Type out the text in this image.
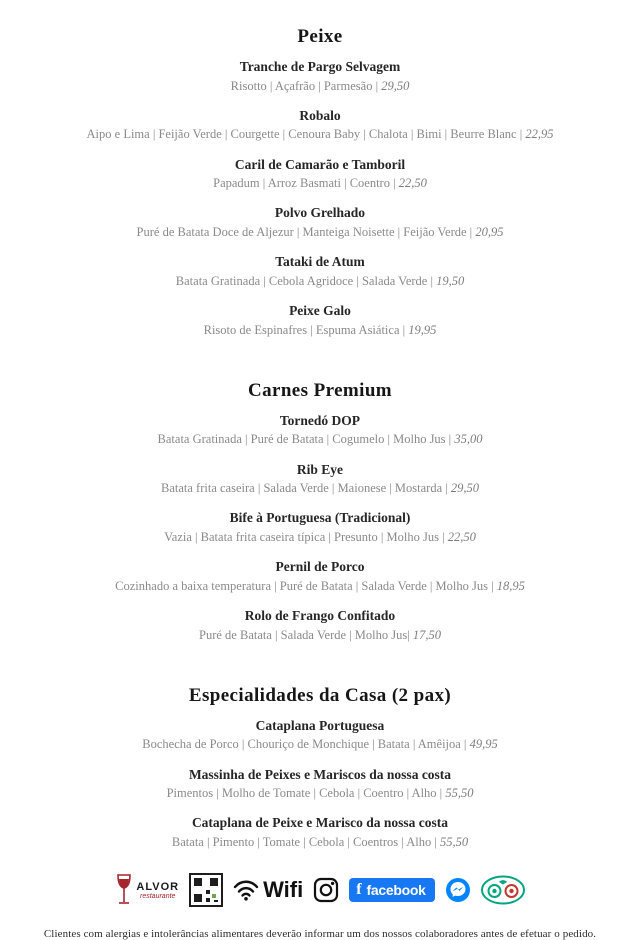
Peixe
Tranche de Pargo Selvagem

Risotto | Açafrão | Parmesão | 29,50

Robalo

Aipo e Lima | Feijão Verde | Courgette | Cenoura Baby | Chalota | Bimi | Beurre Blanc | 22,95

Caril de Camarão e Tamboril

Papadum | Arroz Basmati | Coentro | 22,50

Polvo Grelhado

Puré de Batata Doce de Aljezur | Manteiga Noisette | Feijão Verde | 20,95

Tataki de Atum

Batata Gratinada | Cebola Agridoce | Salada Verde | 19,50

Peixe Galo

Risoto de Espinafres | Espuma Asiática | 19,95

Carnes Premium
Tornedó DOP

Batata Gratinada | Puré de Batata | Cogumelo | Molho Jus | 35,00

Rib Eye

Batata frita caseira | Salada Verde | Maionese | Mostarda | 29,50

Bife à Portuguesa (Tradicional)

Vazia | Batata frita caseira típica | Presunto | Molho Jus | 22,50

Pernil de Porco

Cozinhado a baixa temperatura | Puré de Batata | Salada Verde | Molho Jus | 18,95

Rolo de Frango Confitado

Puré de Batata | Salada Verde | Molho Jus| 17,50

Especialidades da Casa (2 pax)
Cataplana Portuguesa

Bochecha de Porco | Chouriço de Monchique | Batata | Amêijoa | 49,95

Massinha de Peixes e Mariscos da nossa costa

Pimentos | Molho de Tomate | Cebola | Coentro | Alho | 55,50

Cataplana de Peixe e Marisco da nossa costa

Batata | Pimento | Tomate | Cebola | Coentros | Alho | 55,50

ALVOR
restaurante	Wifi	f facebook

Clientes com alergias e intolerâncias alimentares deverão informar um dos nossos colaboradores antes de efetuar o pedido.
